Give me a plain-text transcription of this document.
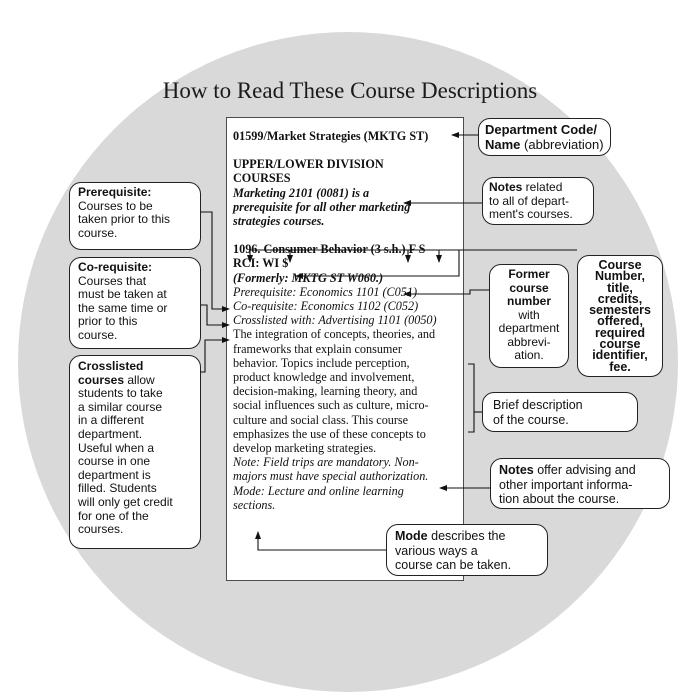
How to Read These Course Descriptions
01599/Market Strategies (MKTG ST)
UPPER/LOWER DIVISION
COURSES
Marketing 2101 (0081) is a
prerequisite for all other marketing
strategies courses.
1096. Consumer Behavior (3 s.h.) F S
RCI: WI $
(Formerly: MKTG ST W060.)
Prerequisite: Economics 1101 (C051)
Co-requisite: Economics 1102 (C052)
Crosslisted with: Advertising 1101 (0050)
The integration of concepts, theories, and
frameworks that explain consumer
behavior. Topics include perception,
product knowledge and involvement,
decision-making, learning theory, and
social influences such as culture, micro-
culture and social class. This course
emphasizes the use of these concepts to
develop marketing strategies.
Note: Field trips are mandatory. Non-
majors must have special authorization.
Mode: Lecture and online learning
sections.
Department Code/
Name (abbreviation)
Notes related
to all of depart-
ment's courses.
Prerequisite:
Courses to be
taken prior to this
course.
Co-requisite:
Courses that
must be taken at
the same time or
prior to this
course.
Crosslisted
courses allow
students to take
a similar course
in a different
department.
Useful when a
course in one
department is
filled. Students
will only get credit
for one of the
courses.
Course
Number,
title,
credits,
semesters
offered,
required
course
identifier,
fee.
Former
course
number
with
department
abbrevi-
ation.
Brief description
of the course.
Notes offer advising and
other important informa-
tion about the course.
Mode describes the
various ways a
course can be taken.
